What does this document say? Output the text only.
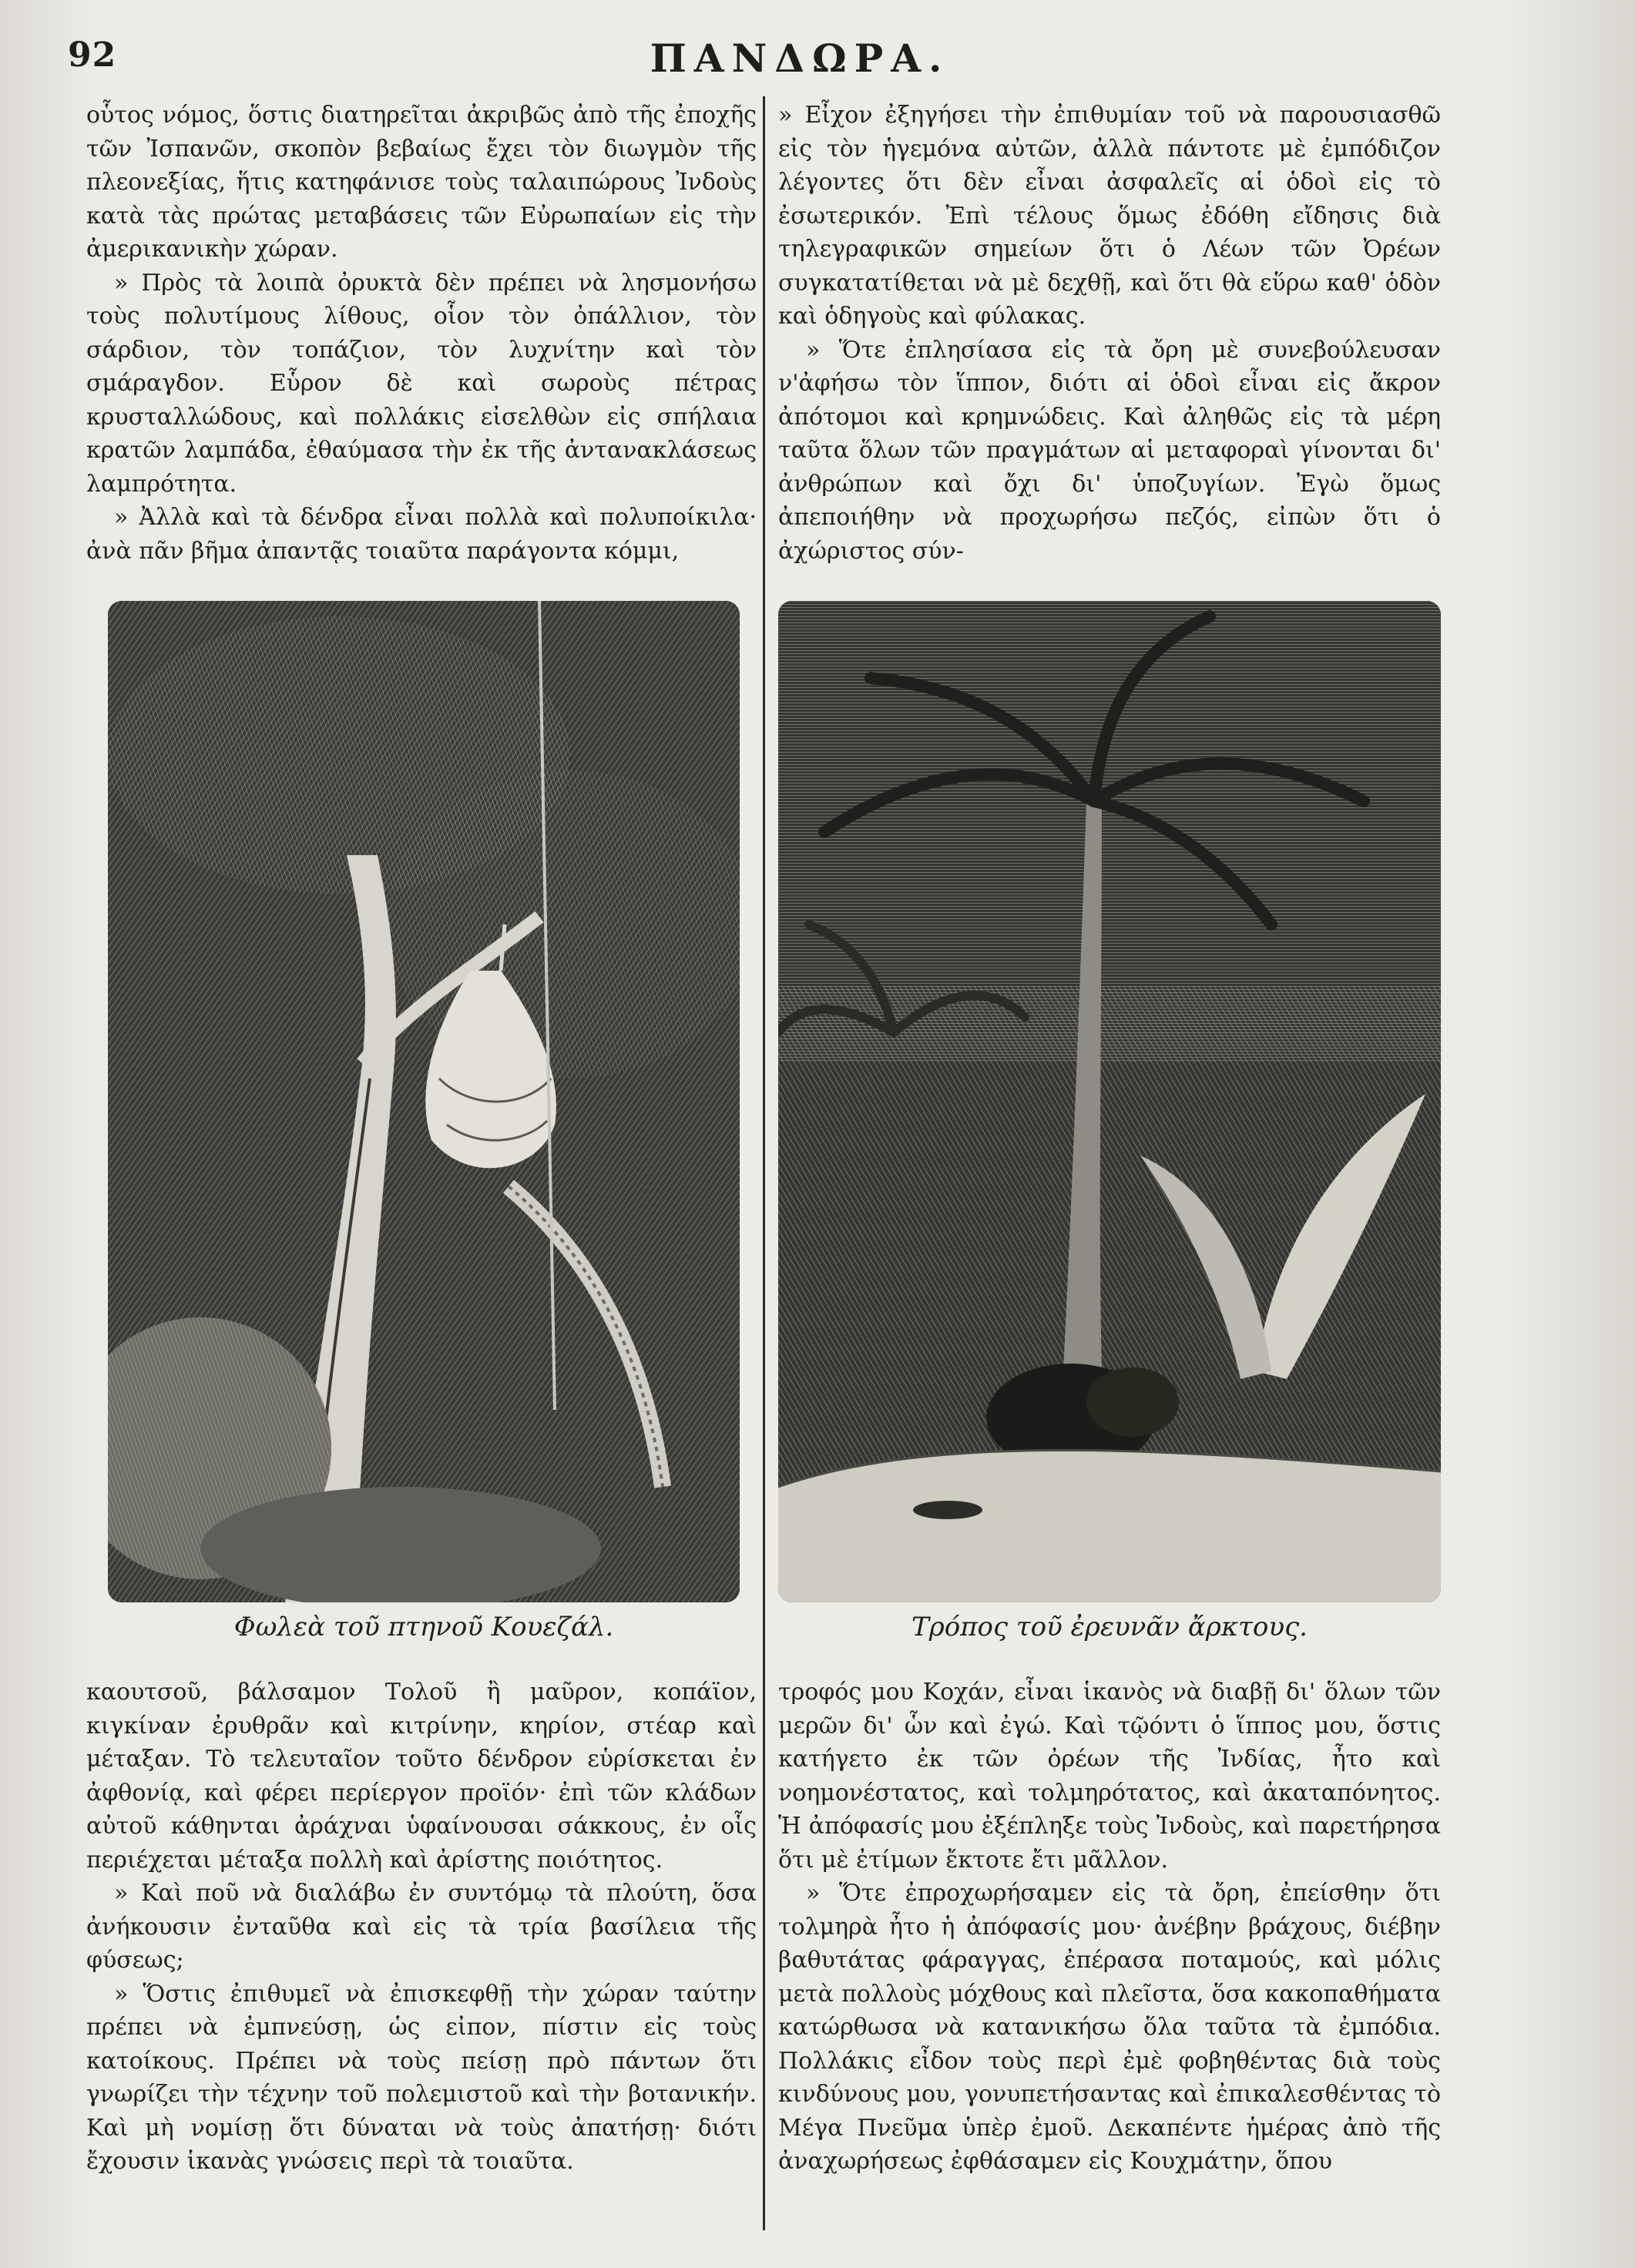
92	ΠΑΝΔΩΡΑ.

οὗτος νόμος, ὅστις διατηρεῖται ἀκριβῶς ἀπὸ τῆς ἐποχῆς τῶν Ἰσπανῶν, σκοπὸν βεβαίως ἔχει τὸν διωγμὸν τῆς πλεονεξίας, ἥτις κατηφάνισε τοὺς ταλαιπώρους Ἰνδοὺς κατὰ τὰς πρώτας μεταβάσεις τῶν Εὐρωπαίων εἰς τὴν ἀμερικανικὴν χώραν.

» Πρὸς τὰ λοιπὰ ὀρυκτὰ δὲν πρέπει νὰ λησμονήσω τοὺς πολυτίμους λίθους, οἷον τὸν ὀπάλλιον, τὸν σάρδιον, τὸν τοπάζιον, τὸν λυχνίτην καὶ τὸν σμάραγδον. Εὗρον δὲ καὶ σωροὺς πέτρας κρυσταλλώδους, καὶ πολλάκις εἰσελθὼν εἰς σπήλαια κρατῶν λαμπάδα, ἐθαύμασα τὴν ἐκ τῆς ἀντανακλάσεως λαμπρότητα.

» Ἀλλὰ καὶ τὰ δένδρα εἶναι πολλὰ καὶ πολυποίκιλα· ἀνὰ πᾶν βῆμα ἀπαντᾷς τοιαῦτα παράγοντα κόμμι,

» Εἶχον ἐξηγήσει τὴν ἐπιθυμίαν τοῦ νὰ παρουσιασθῶ εἰς τὸν ἡγεμόνα αὐτῶν, ἀλλὰ πάντοτε μὲ ἐμπόδιζον λέγοντες ὅτι δὲν εἶναι ἀσφαλεῖς αἱ ὁδοὶ εἰς τὸ ἐσωτερικόν. Ἐπὶ τέλους ὅμως ἐδόθη εἴδησις διὰ τηλεγραφικῶν σημείων ὅτι ὁ Λέων τῶν Ὀρέων συγκατατίθεται νὰ μὲ δεχθῇ, καὶ ὅτι θὰ εὕρω καθ' ὁδὸν καὶ ὁδηγοὺς καὶ φύλακας.

» Ὅτε ἐπλησίασα εἰς τὰ ὄρη μὲ συνεβούλευσαν ν'ἀφήσω τὸν ἵππον, διότι αἱ ὁδοὶ εἶναι εἰς ἄκρον ἀπότομοι καὶ κρημνώδεις. Καὶ ἀληθῶς εἰς τὰ μέρη ταῦτα ὅλων τῶν πραγμάτων αἱ μεταφοραὶ γίνονται δι' ἀνθρώπων καὶ ὄχι δι' ὑποζυγίων. Ἐγὼ ὅμως ἀπεποιήθην νὰ προχωρήσω πεζός, εἰπὼν ὅτι ὁ ἀχώριστος σύν-

Φωλεὰ τοῦ πτηνοῦ Κουεζάλ.	Τρόπος τοῦ ἐρευνᾶν ἄρκτους.

καουτσοῦ, βάλσαμον Τολοῦ ἢ μαῦρον, κοπάϊον, κιγκίναν ἐρυθρᾶν καὶ κιτρίνην, κηρίον, στέαρ καὶ μέταξαν. Τὸ τελευταῖον τοῦτο δένδρον εὑρίσκεται ἐν ἀφθονίᾳ, καὶ φέρει περίεργον προϊόν· ἐπὶ τῶν κλάδων αὐτοῦ κάθηνται ἀράχναι ὑφαίνουσαι σάκκους, ἐν οἷς περιέχεται μέταξα πολλὴ καὶ ἀρίστης ποιότητος.

» Καὶ ποῦ νὰ διαλάβω ἐν συντόμῳ τὰ πλούτη, ὅσα ἀνήκουσιν ἐνταῦθα καὶ εἰς τὰ τρία βασίλεια τῆς φύσεως;

» Ὅστις ἐπιθυμεῖ νὰ ἐπισκεφθῇ τὴν χώραν ταύτην πρέπει νὰ ἐμπνεύσῃ, ὡς εἰπον, πίστιν εἰς τοὺς κατοίκους. Πρέπει νὰ τοὺς πείσῃ πρὸ πάντων ὅτι γνωρίζει τὴν τέχνην τοῦ πολεμιστοῦ καὶ τὴν βοτανικήν. Καὶ μὴ νομίσῃ ὅτι δύναται νὰ τοὺς ἀπατήσῃ· διότι ἔχουσιν ἱκανὰς γνώσεις περὶ τὰ τοιαῦτα.

τροφός μου Κοχάν, εἶναι ἱκανὸς νὰ διαβῇ δι' ὅλων τῶν μερῶν δι' ὧν καὶ ἐγώ. Καὶ τῷόντι ὁ ἵππος μου, ὅστις κατήγετο ἐκ τῶν ὀρέων τῆς Ἰνδίας, ἦτο καὶ νοημονέστατος, καὶ τολμηρότατος, καὶ ἀκαταπόνητος. Ἡ ἀπόφασίς μου ἐξέπληξε τοὺς Ἰνδοὺς, καὶ παρετήρησα ὅτι μὲ ἐτίμων ἔκτοτε ἔτι μᾶλλον.

» Ὅτε ἐπροχωρήσαμεν εἰς τὰ ὄρη, ἐπείσθην ὅτι τολμηρὰ ἦτο ἡ ἀπόφασίς μου· ἀνέβην βράχους, διέβην βαθυτάτας φάραγγας, ἐπέρασα ποταμούς, καὶ μόλις μετὰ πολλοὺς μόχθους καὶ πλεῖστα, ὅσα κακοπαθήματα κατώρθωσα νὰ κατανικήσω ὅλα ταῦτα τὰ ἐμπόδια. Πολλάκις εἶδον τοὺς περὶ ἐμὲ φοβηθέντας διὰ τοὺς κινδύνους μου, γονυπετήσαντας καὶ ἐπικαλεσθέντας τὸ Μέγα Πνεῦμα ὑπὲρ ἐμοῦ. Δεκαπέντε ἡμέρας ἀπὸ τῆς ἀναχωρήσεως ἐφθάσαμεν εἰς Κουχμάτην, ὅπου
